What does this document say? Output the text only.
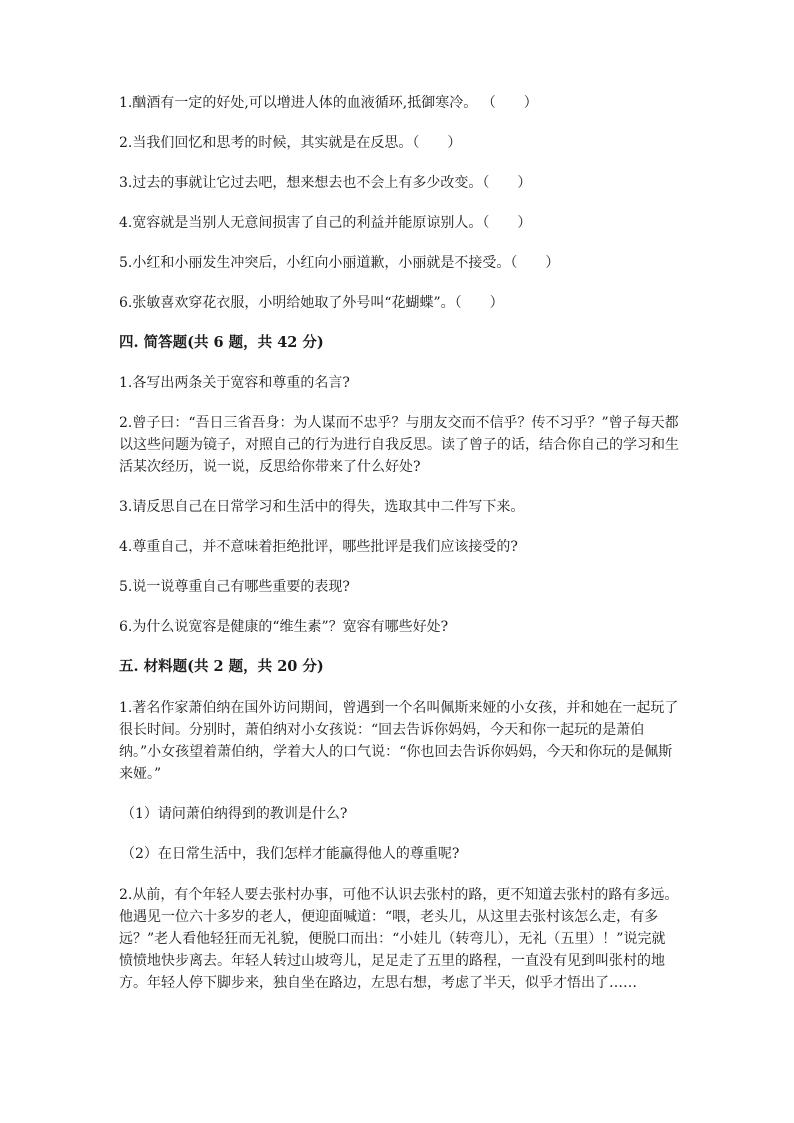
1.酗酒有一定的好处,可以增进人体的血液循环,抵御寒冷。 （　　）
2.当我们回忆和思考的时候，其实就是在反思。（　　）
3.过去的事就让它过去吧，想来想去也不会上有多少改变。（　　）
4.宽容就是当别人无意间损害了自己的利益并能原谅别人。（　　）
5.小红和小丽发生冲突后，小红向小丽道歉，小丽就是不接受。（　　）
6.张敏喜欢穿花衣服，小明给她取了外号叫“花蝴蝶”。（　　）
四. 简答题(共 6 题，共 42 分)
1.各写出两条关于宽容和尊重的名言?
2.曾子曰：“吾日三省吾身：为人谋而不忠乎？与朋友交而不信乎？传不习乎？”曾子每天都以这些问题为镜子，对照自己的行为进行自我反思。读了曾子的话，结合你自己的学习和生活某次经历，说一说，反思给你带来了什么好处?
3.请反思自己在日常学习和生活中的得失，选取其中二件写下来。
4.尊重自己，并不意味着拒绝批评，哪些批评是我们应该接受的?
5.说一说尊重自己有哪些重要的表现?
6.为什么说宽容是健康的“维生素”？宽容有哪些好处?
五. 材料题(共 2 题，共 20 分)
1.著名作家萧伯纳在国外访问期间，曾遇到一个名叫佩斯来娅的小女孩，并和她在一起玩了很长时间。分别时，萧伯纳对小女孩说：“回去告诉你妈妈，今天和你一起玩的是萧伯纳。”小女孩望着萧伯纳，学着大人的口气说：“你也回去告诉你妈妈，今天和你玩的是佩斯来娅。”
（1）请问萧伯纳得到的教训是什么?
（2）在日常生活中，我们怎样才能赢得他人的尊重呢?
2.从前，有个年轻人要去张村办事，可他不认识去张村的路，更不知道去张村的路有多远。他遇见一位六十多岁的老人，便迎面喊道：“喂，老头儿，从这里去张村该怎么走，有多远？”老人看他轻狂而无礼貌，便脱口而出：“小娃儿（转弯儿），无礼（五里）！”说完就愤愤地快步离去。年轻人转过山坡弯儿，足足走了五里的路程，一直没有见到叫张村的地方。年轻人停下脚步来，独自坐在路边，左思右想，考虑了半天，似乎才悟出了……
